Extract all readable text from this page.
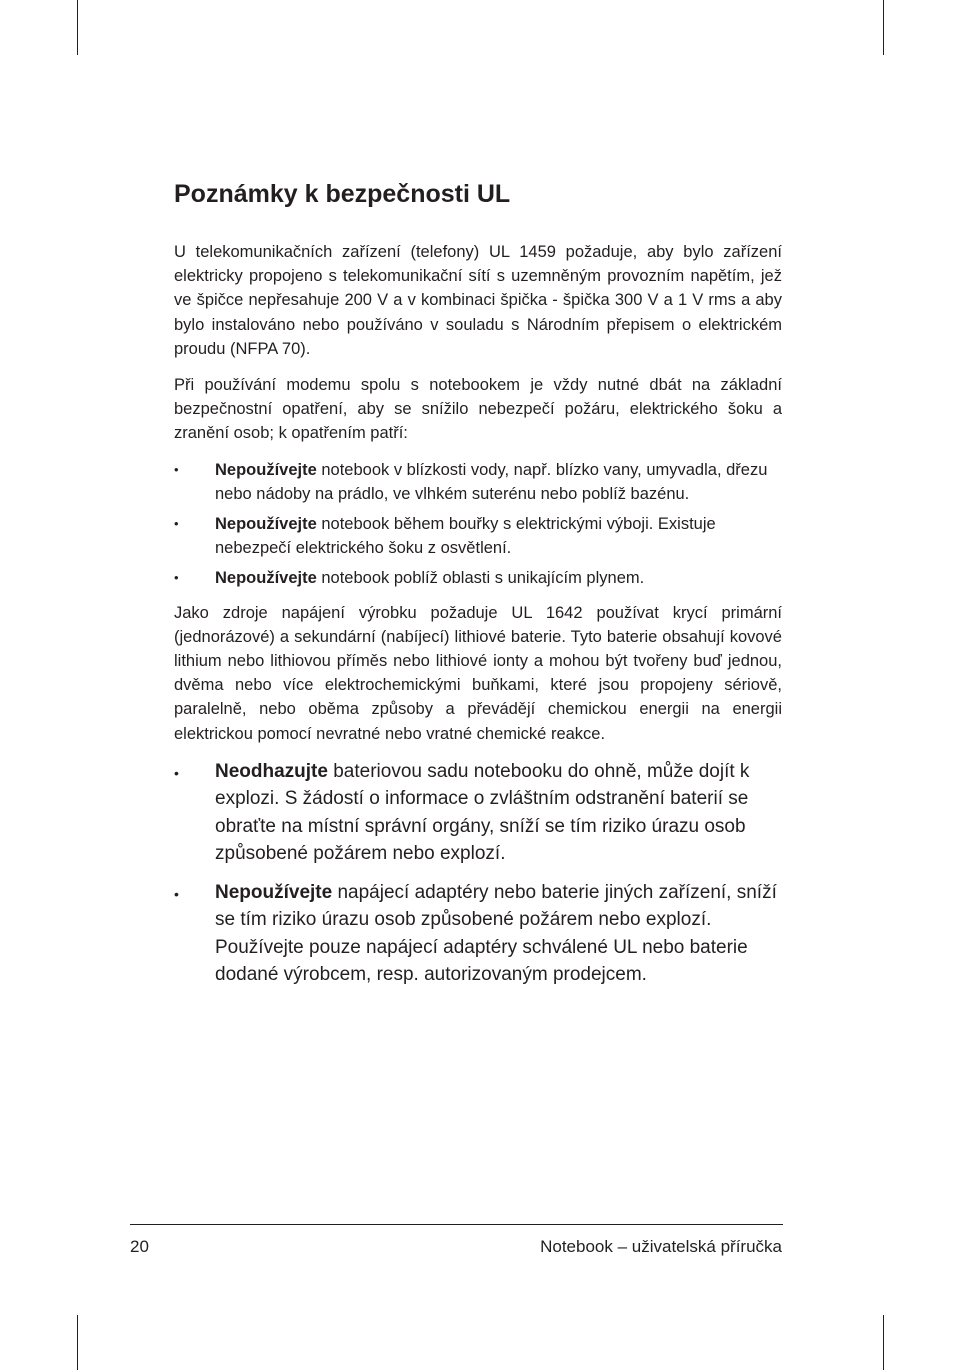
Poznámky k bezpečnosti UL

U telekomunikačních zařízení (telefony) UL 1459 požaduje, aby bylo zařízení elektricky propojeno s telekomunikační sítí s uzemněným provozním napětím, jež ve špičce nepřesahuje 200 V a v kombinaci špička - špička 300 V a 1 V rms a aby bylo instalováno nebo používáno v souladu s Národním přepisem o elektrickém proudu (NFPA 70).

Při používání modemu spolu s notebookem je vždy nutné dbát na základní bezpečnostní opatření, aby se snížilo nebezpečí požáru, elektrického šoku a zranění osob; k opatřením patří:

• Nepoužívejte notebook v blízkosti vody, např. blízko vany, umyvadla, dřezu nebo nádoby na prádlo, ve vlhkém suterénu nebo poblíž bazénu.
• Nepoužívejte notebook během bouřky s elektrickými výboji. Existuje nebezpečí elektrického šoku z osvětlení.
• Nepoužívejte notebook poblíž oblasti s unikajícím plynem.

Jako zdroje napájení výrobku požaduje UL 1642 používat krycí primární (jednorázové) a sekundární (nabíjecí) lithiové baterie. Tyto baterie obsahují kovové lithium nebo lithiovou příměs nebo lithiové ionty a mohou být tvořeny buď jednou, dvěma nebo více elektrochemickými buňkami, které jsou propojeny sériově, paralelně, nebo oběma způsoby a převádějí chemickou energii na energii elektrickou pomocí nevratné nebo vratné chemické reakce.

• Neodhazujte bateriovou sadu notebooku do ohně, může dojít k explozi. S žádostí o informace o zvláštním odstranění baterií se obraťte na místní správní orgány, sníží se tím riziko úrazu osob způsobené požárem nebo explozí.
• Nepoužívejte napájecí adaptéry nebo baterie jiných zařízení, sníží se tím riziko úrazu osob způsobené požárem nebo explozí. Používejte pouze napájecí adaptéry schválené UL nebo baterie dodané výrobcem, resp. autorizovaným prodejcem.
20	Notebook – uživatelská příručka
